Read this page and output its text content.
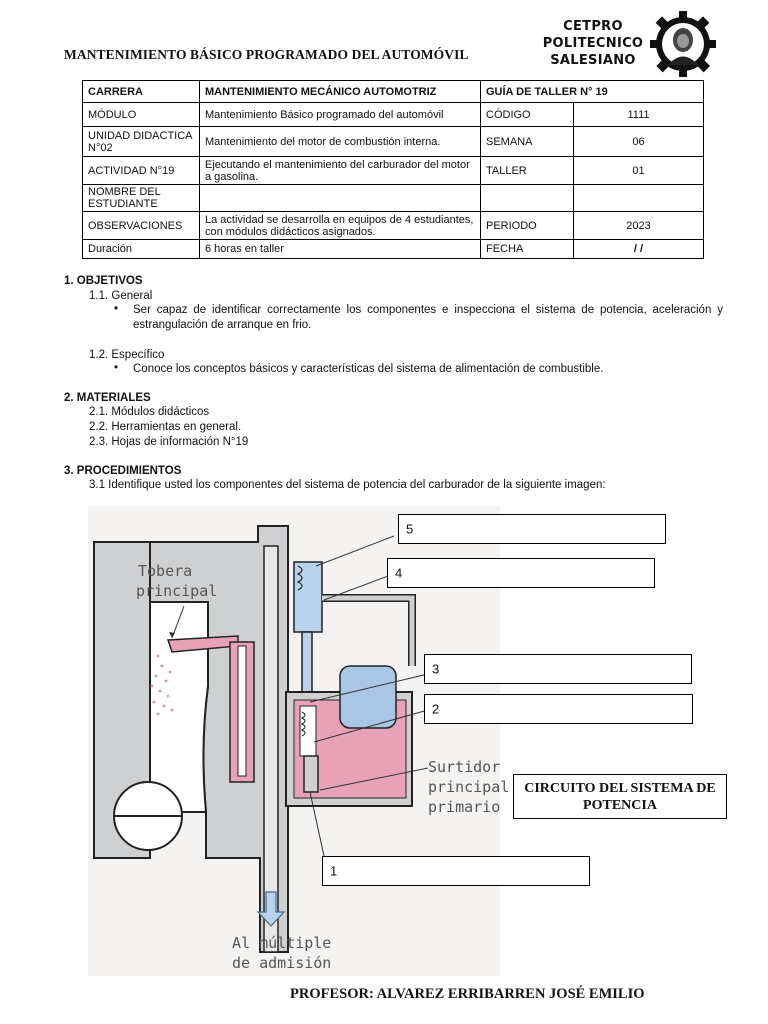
MANTENIMIENTO BÁSICO PROGRAMADO DEL AUTOMÓVIL
CETPRO
POLITECNICO
SALESIANO
CARRERA	MANTENIMIENTO MECÁNICO AUTOMOTRIZ	GUÍA DE TALLER N° 19	
MÓDULO	Mantenimiento Básico programado del automóvil	CÓDIGO	1111
UNIDAD DIDACTICA N°02	Mantenimiento del motor de combustión interna.	SEMANA	06
ACTIVIDAD N°19	Ejecutando el mantenimiento del carburador del motor a gasolina.	TALLER	01
NOMBRE DEL ESTUDIANTE			
OBSERVACIONES	La actividad se desarrolla en equipos de 4 estudiantes, con módulos didácticos asignados.	PERIODO	2023
Duración	6 horas en taller	FECHA	/ /
1. OBJETIVOS
1.1. General
• Ser capaz de identificar correctamente los componentes e inspecciona el sistema de potencia, aceleración y estrangulación de arranque en frio.
1.2. Específico
• Conoce los conceptos básicos y características del sistema de alimentación de combustible.
2. MATERIALES
2.1. Módulos didácticos
2.2. Herramientas en general.
2.3. Hojas de información N°19
3. PROCEDIMIENTOS
3.1 Identifique usted los componentes del sistema de potencia del carburador de la siguiente imagen:
Tobera
principal
Surtidor
principal
primario
Al múltiple
de admisión
5
4
3
2
1
CIRCUITO DEL SISTEMA DE POTENCIA
PROFESOR: ALVAREZ ERRIBARREN JOSÉ EMILIO
